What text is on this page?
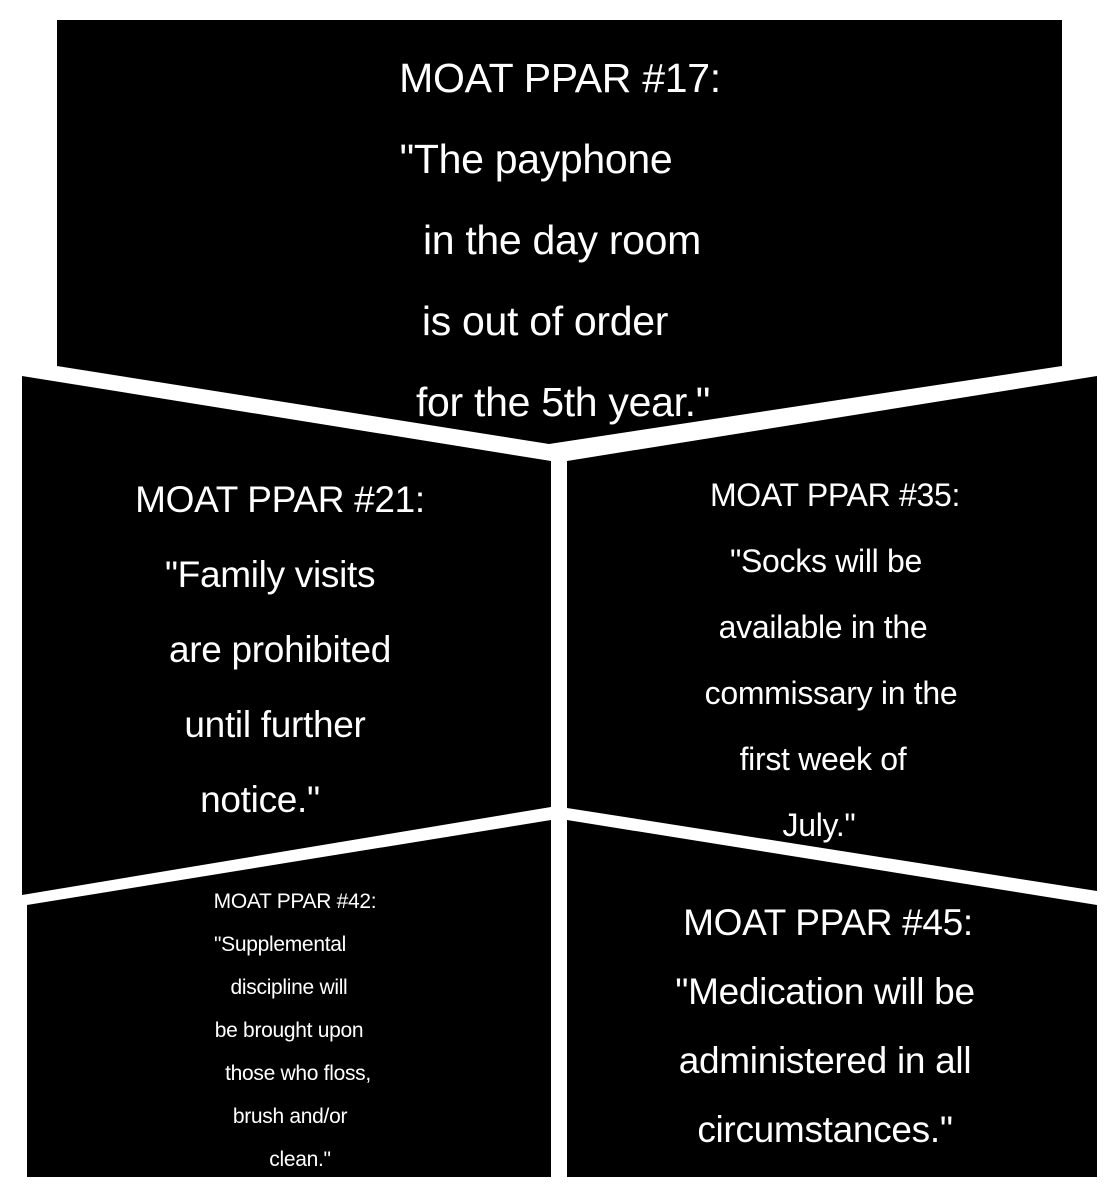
MOAT PPAR #17:
"The payphone
in the day room
is out of order
for the 5th year."
MOAT PPAR #21:
"Family visits
are prohibited
until further
notice."
MOAT PPAR #35:
"Socks will be
available in the
commissary in the
first week of
July."
MOAT PPAR #42:
"Supplemental
discipline will
be brought upon
those who floss,
brush and/or
clean."
MOAT PPAR #45:
"Medication will be
administered in all
circumstances."
